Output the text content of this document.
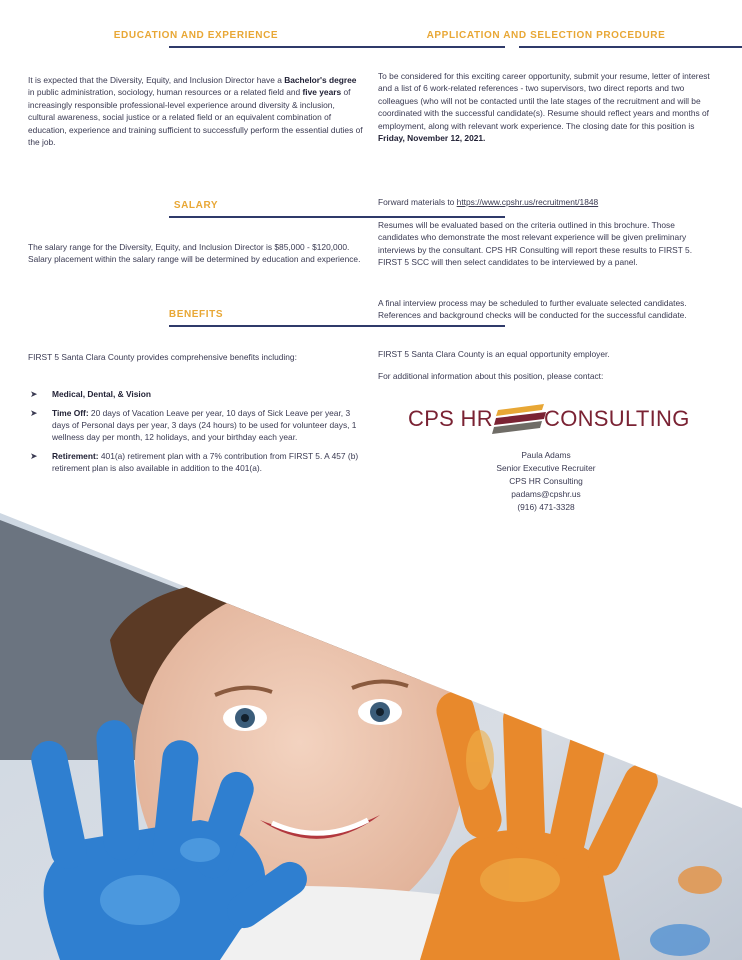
EDUCATION AND EXPERIENCE

It is expected that the Diversity, Equity, and Inclusion Director have a Bachelor's degree in public administration, sociology, human resources or a related field and five years of increasingly responsible professional-level experience around diversity & inclusion, cultural awareness, social justice or a related field or an equivalent combination of education, experience and training sufficient to successfully perform the essential duties of the job.

SALARY

The salary range for the Diversity, Equity, and Inclusion Director is $85,000 - $120,000. Salary placement within the salary range will be determined by education and experience.

BENEFITS

FIRST 5 Santa Clara County provides comprehensive benefits including:

➤ Medical, Dental, & Vision
➤ Time Off: 20 days of Vacation Leave per year, 10 days of Sick Leave per year, 3 days of Personal days per year, 3 days (24 hours) to be used for volunteer days, 1 wellness day per month, 12 holidays, and your birthday each year.
➤ Retirement: 401(a) retirement plan with a 7% contribution from FIRST 5. A 457 (b) retirement plan is also available in addition to the 401(a).
APPLICATION AND SELECTION PROCEDURE

To be considered for this exciting career opportunity, submit your resume, letter of interest and a list of 6 work-related references - two supervisors, two direct reports and two colleagues (who will not be contacted until the late stages of the recruitment and will be coordinated with the successful candidate(s). Resume should reflect years and months of employment, along with relevant work experience. The closing date for this position is Friday, November 12, 2021.

Forward materials to https://www.cpshr.us/recruitment/1848

Resumes will be evaluated based on the criteria outlined in this brochure. Those candidates who demonstrate the most relevant experience will be given preliminary interviews by the consultant. CPS HR Consulting will report these results to FIRST 5. FIRST 5 SCC will then select candidates to be interviewed by a panel.

A final interview process may be scheduled to further evaluate selected candidates. References and background checks will be conducted for the successful candidate.

FIRST 5 Santa Clara County is an equal opportunity employer.

For additional information about this position, please contact:

CPS HR CONSULTING
Paula Adams
Senior Executive Recruiter
CPS HR Consulting
padams@cpshr.us
(916) 471-3328
